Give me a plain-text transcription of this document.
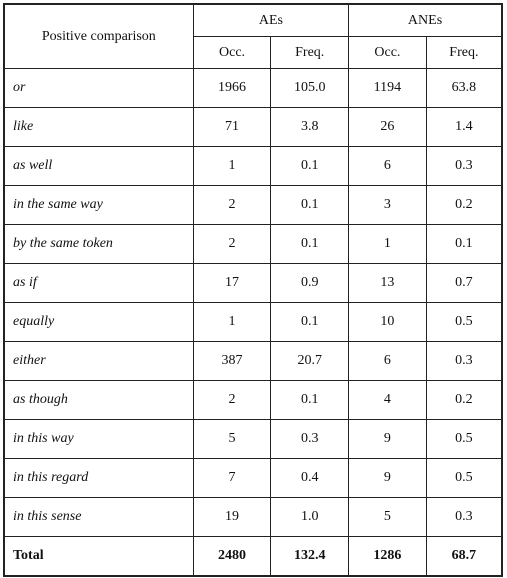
Positive comparison	AEs		ANEs	
	Occ.	Freq.	Occ.	Freq.
or	1966	105.0	1194	63.8
like	71	3.8	26	1.4
as well	1	0.1	6	0.3
in the same way	2	0.1	3	0.2
by the same token	2	0.1	1	0.1
as if	17	0.9	13	0.7
equally	1	0.1	10	0.5
either	387	20.7	6	0.3
as though	2	0.1	4	0.2
in this way	5	0.3	9	0.5
in this regard	7	0.4	9	0.5
in this sense	19	1.0	5	0.3
Total	2480	132.4	1286	68.7
